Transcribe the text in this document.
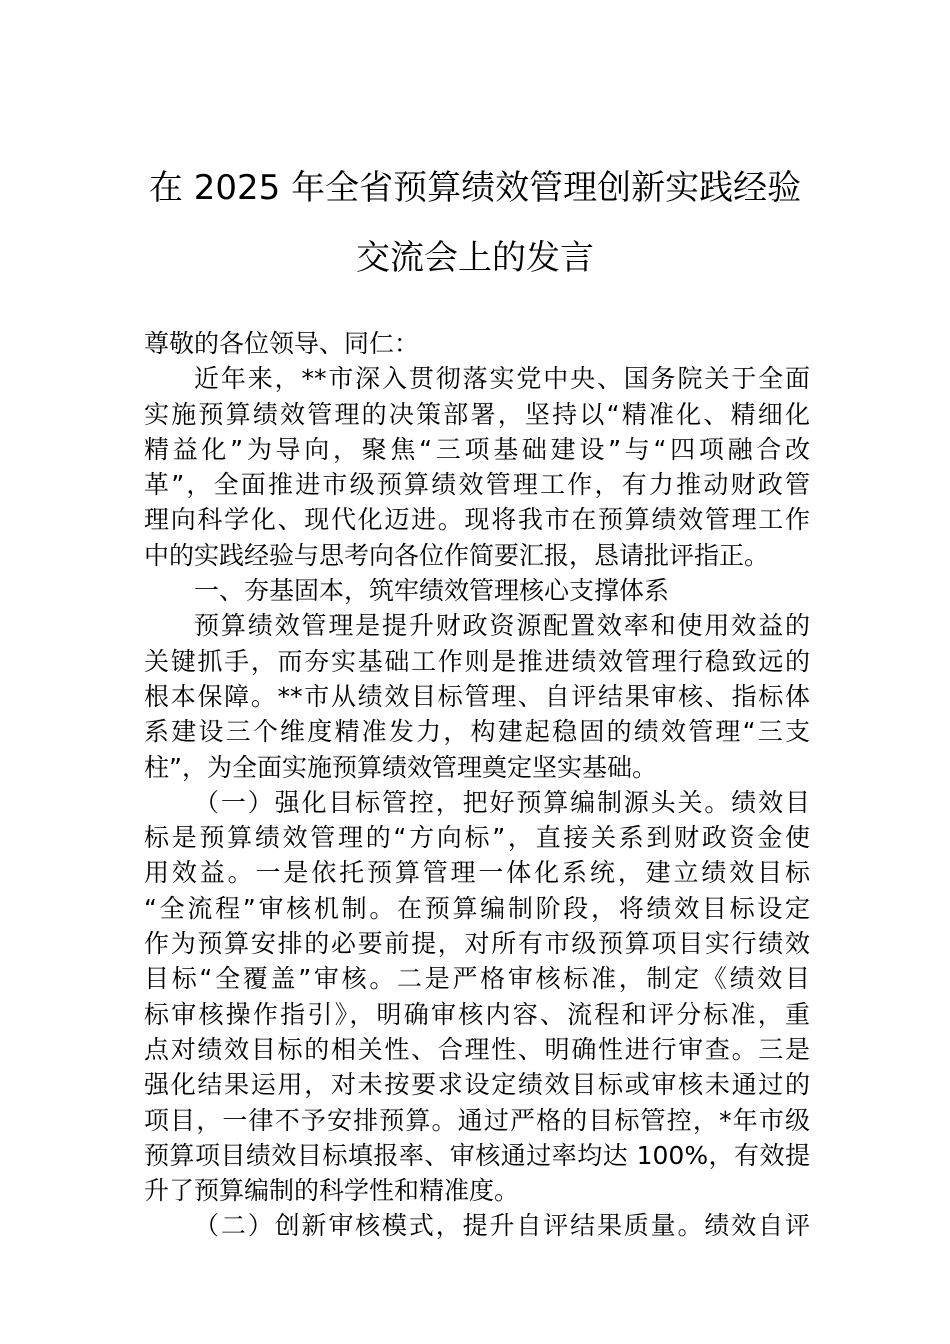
在 2025 年全省预算绩效管理创新实践经验
交流会上的发言
尊敬的各位领导、同仁：
近年来，**市深入贯彻落实党中央、国务院关于全面
实施预算绩效管理的决策部署，坚持以“精准化、精细化
精益化”为导向，聚焦“三项基础建设”与“四项融合改
革”，全面推进市级预算绩效管理工作，有力推动财政管
理向科学化、现代化迈进。现将我市在预算绩效管理工作
中的实践经验与思考向各位作简要汇报，恳请批评指正。
一、夯基固本，筑牢绩效管理核心支撑体系
预算绩效管理是提升财政资源配置效率和使用效益的
关键抓手，而夯实基础工作则是推进绩效管理行稳致远的
根本保障。**市从绩效目标管理、自评结果审核、指标体
系建设三个维度精准发力，构建起稳固的绩效管理“三支
柱”，为全面实施预算绩效管理奠定坚实基础。
（一）强化目标管控，把好预算编制源头关。绩效目
标是预算绩效管理的“方向标”，直接关系到财政资金使
用效益。一是依托预算管理一体化系统，建立绩效目标
“全流程”审核机制。在预算编制阶段，将绩效目标设定
作为预算安排的必要前提，对所有市级预算项目实行绩效
目标“全覆盖”审核。二是严格审核标准，制定《绩效目
标审核操作指引》，明确审核内容、流程和评分标准，重
点对绩效目标的相关性、合理性、明确性进行审查。三是
强化结果运用，对未按要求设定绩效目标或审核未通过的
项目，一律不予安排预算。通过严格的目标管控，*年市级
预算项目绩效目标填报率、审核通过率均达 100%，有效提
升了预算编制的科学性和精准度。
（二）创新审核模式，提升自评结果质量。绩效自评
